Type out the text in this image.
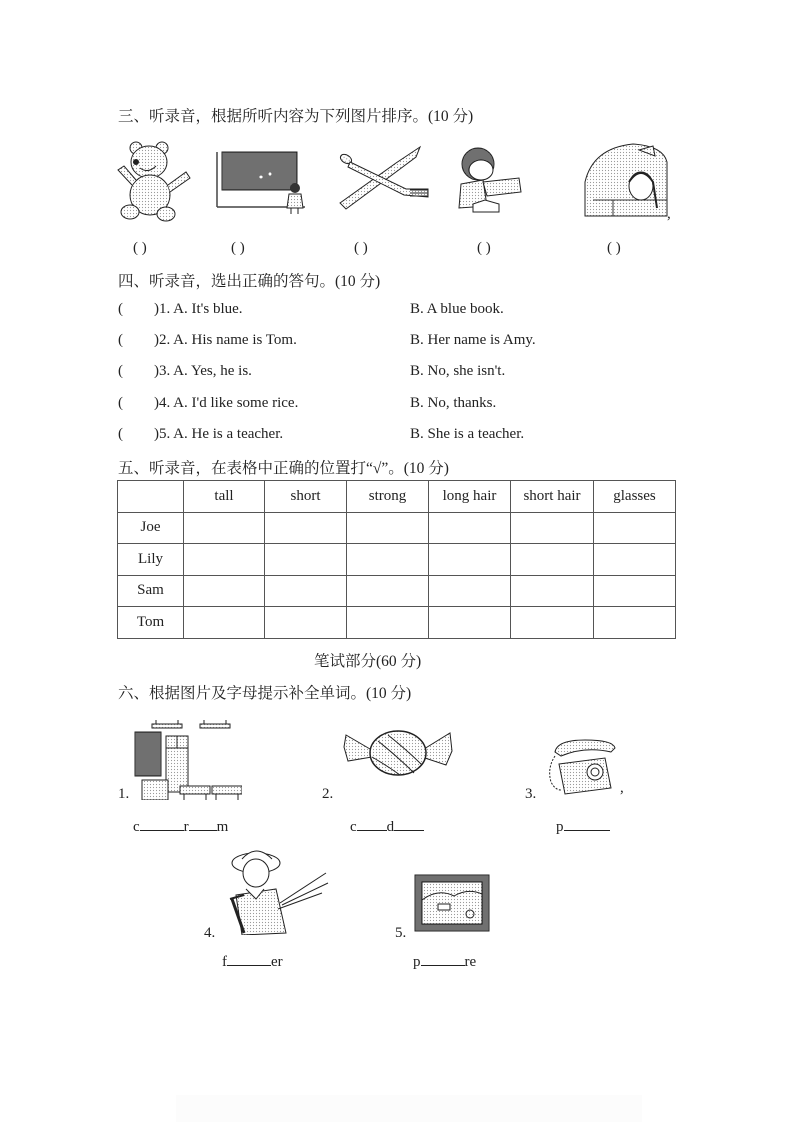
三、听录音，根据所听内容为下列图片排序。(10 分)
,
( )	( )	( )	( )	( )
四、听录音，选出正确的答句。(10 分)
( )1. A. It's blue.	B. A blue book.
( )2. A. His name is Tom.	B. Her name is Amy.
( )3. A. Yes, he is.	B. No, she isn't.
( )4. A. I'd like some rice.	B. No, thanks.
( )5. A. He is a teacher.	B. She is a teacher.
五、听录音，在表格中正确的位置打“√”。(10 分)
	tall	short	strong	long hair	short hair	glasses
Joe						
Lily						
Sam						
Tom						
笔试部分(60 分)
六、根据图片及字母提示补全单词。(10 分)
1.
c	r m
2.
c d
3.	,
p
4.
f	er
5.
p	re
